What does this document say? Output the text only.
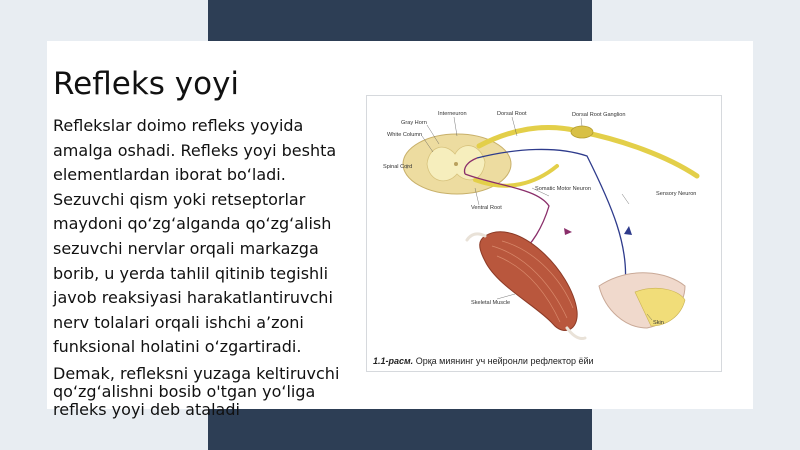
Refleks yoyi

Reflekslar doimo refleks yoyida amalga oshadi. Refleks yoyi beshta elementlardan iborat bo‘ladi. Sezuvchi qism yoki retseptorlar maydoni qo‘zg‘alganda qo‘zg‘alish sezuvchi nervlar orqali markazga borib, u yerda tahlil qitinib tegishli javob reaksiyasi harakatlantiruvchi nerv tolalari orqali ishchi a’zoni funksional holatini o‘zgartiradi.

Demak, refleksni yuzaga keltiruvchi qo‘zg‘alishni bosib o'tgan yo‘liga refleks yoyi deb ataladi

Interneuron	Dorsal Root
Gray Horn
White Column
Dorsal Root Ganglion
Spinal Cord
Somatic Motor Neuron
Sensory Neuron
Ventral Root
Skeletal Muscle
Skin

1.1-расм. Орқа миянинг уч нейронли рефлектор ёйи
